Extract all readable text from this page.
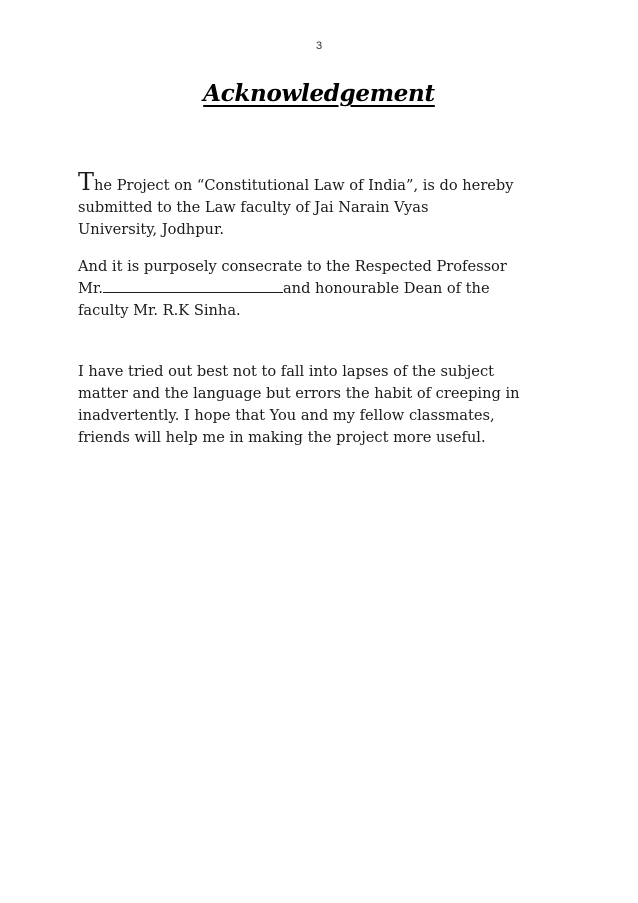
3
Acknowledgement

The Project on “Constitutional Law of India”, is do hereby
submitted to the Law faculty of Jai Narain Vyas
University, Jodhpur.

And it is purposely consecrate to the Respected Professor
Mr.	and honourable Dean of the
faculty Mr. R.K Sinha.

I have tried out best not to fall into lapses of the subject
matter and the language but errors the habit of creeping in
inadvertently. I hope that You and my fellow classmates,
friends will help me in making the project more useful.
